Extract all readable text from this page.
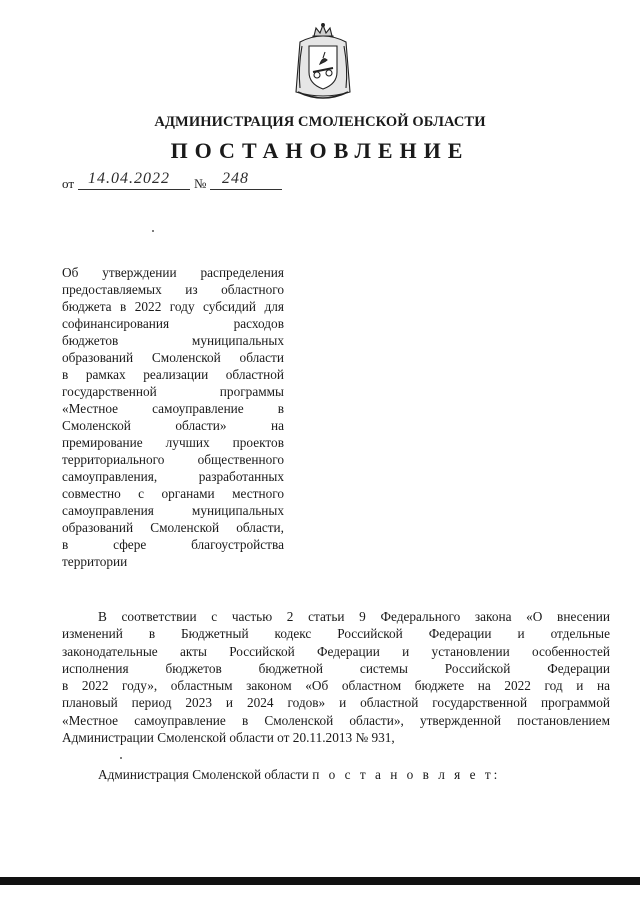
АДМИНИСТРАЦИЯ СМОЛЕНСКОЙ ОБЛАСТИ
ПОСТАНОВЛЕНИЕ
от 14.04.2022 № 248
Об утверждении распределения
предоставляемых из областного
бюджета в 2022 году субсидий для
софинансирования расходов
бюджетов муниципальных
образований Смоленской области
в рамках реализации областной
государственной программы
«Местное самоуправление в
Смоленской области» на
премирование лучших проектов
территориального общественного
самоуправления, разработанных
совместно с органами местного
самоуправления муниципальных
образований Смоленской области,
в сфере благоустройства
территории
В соответствии с частью 2 статьи 9 Федерального закона «О внесении
изменений в Бюджетный кодекс Российской Федерации и отдельные
законодательные акты Российской Федерации и установлении особенностей
исполнения бюджетов бюджетной системы Российской Федерации
в 2022 году», областным законом «Об областном бюджете на 2022 год и на
плановый период 2023 и 2024 годов» и областной государственной программой
«Местное самоуправление в Смоленской области», утвержденной постановлением
Администрации Смоленской области от 20.11.2013 № 931,
Администрация Смоленской области п о с т а н о в л я е т:
